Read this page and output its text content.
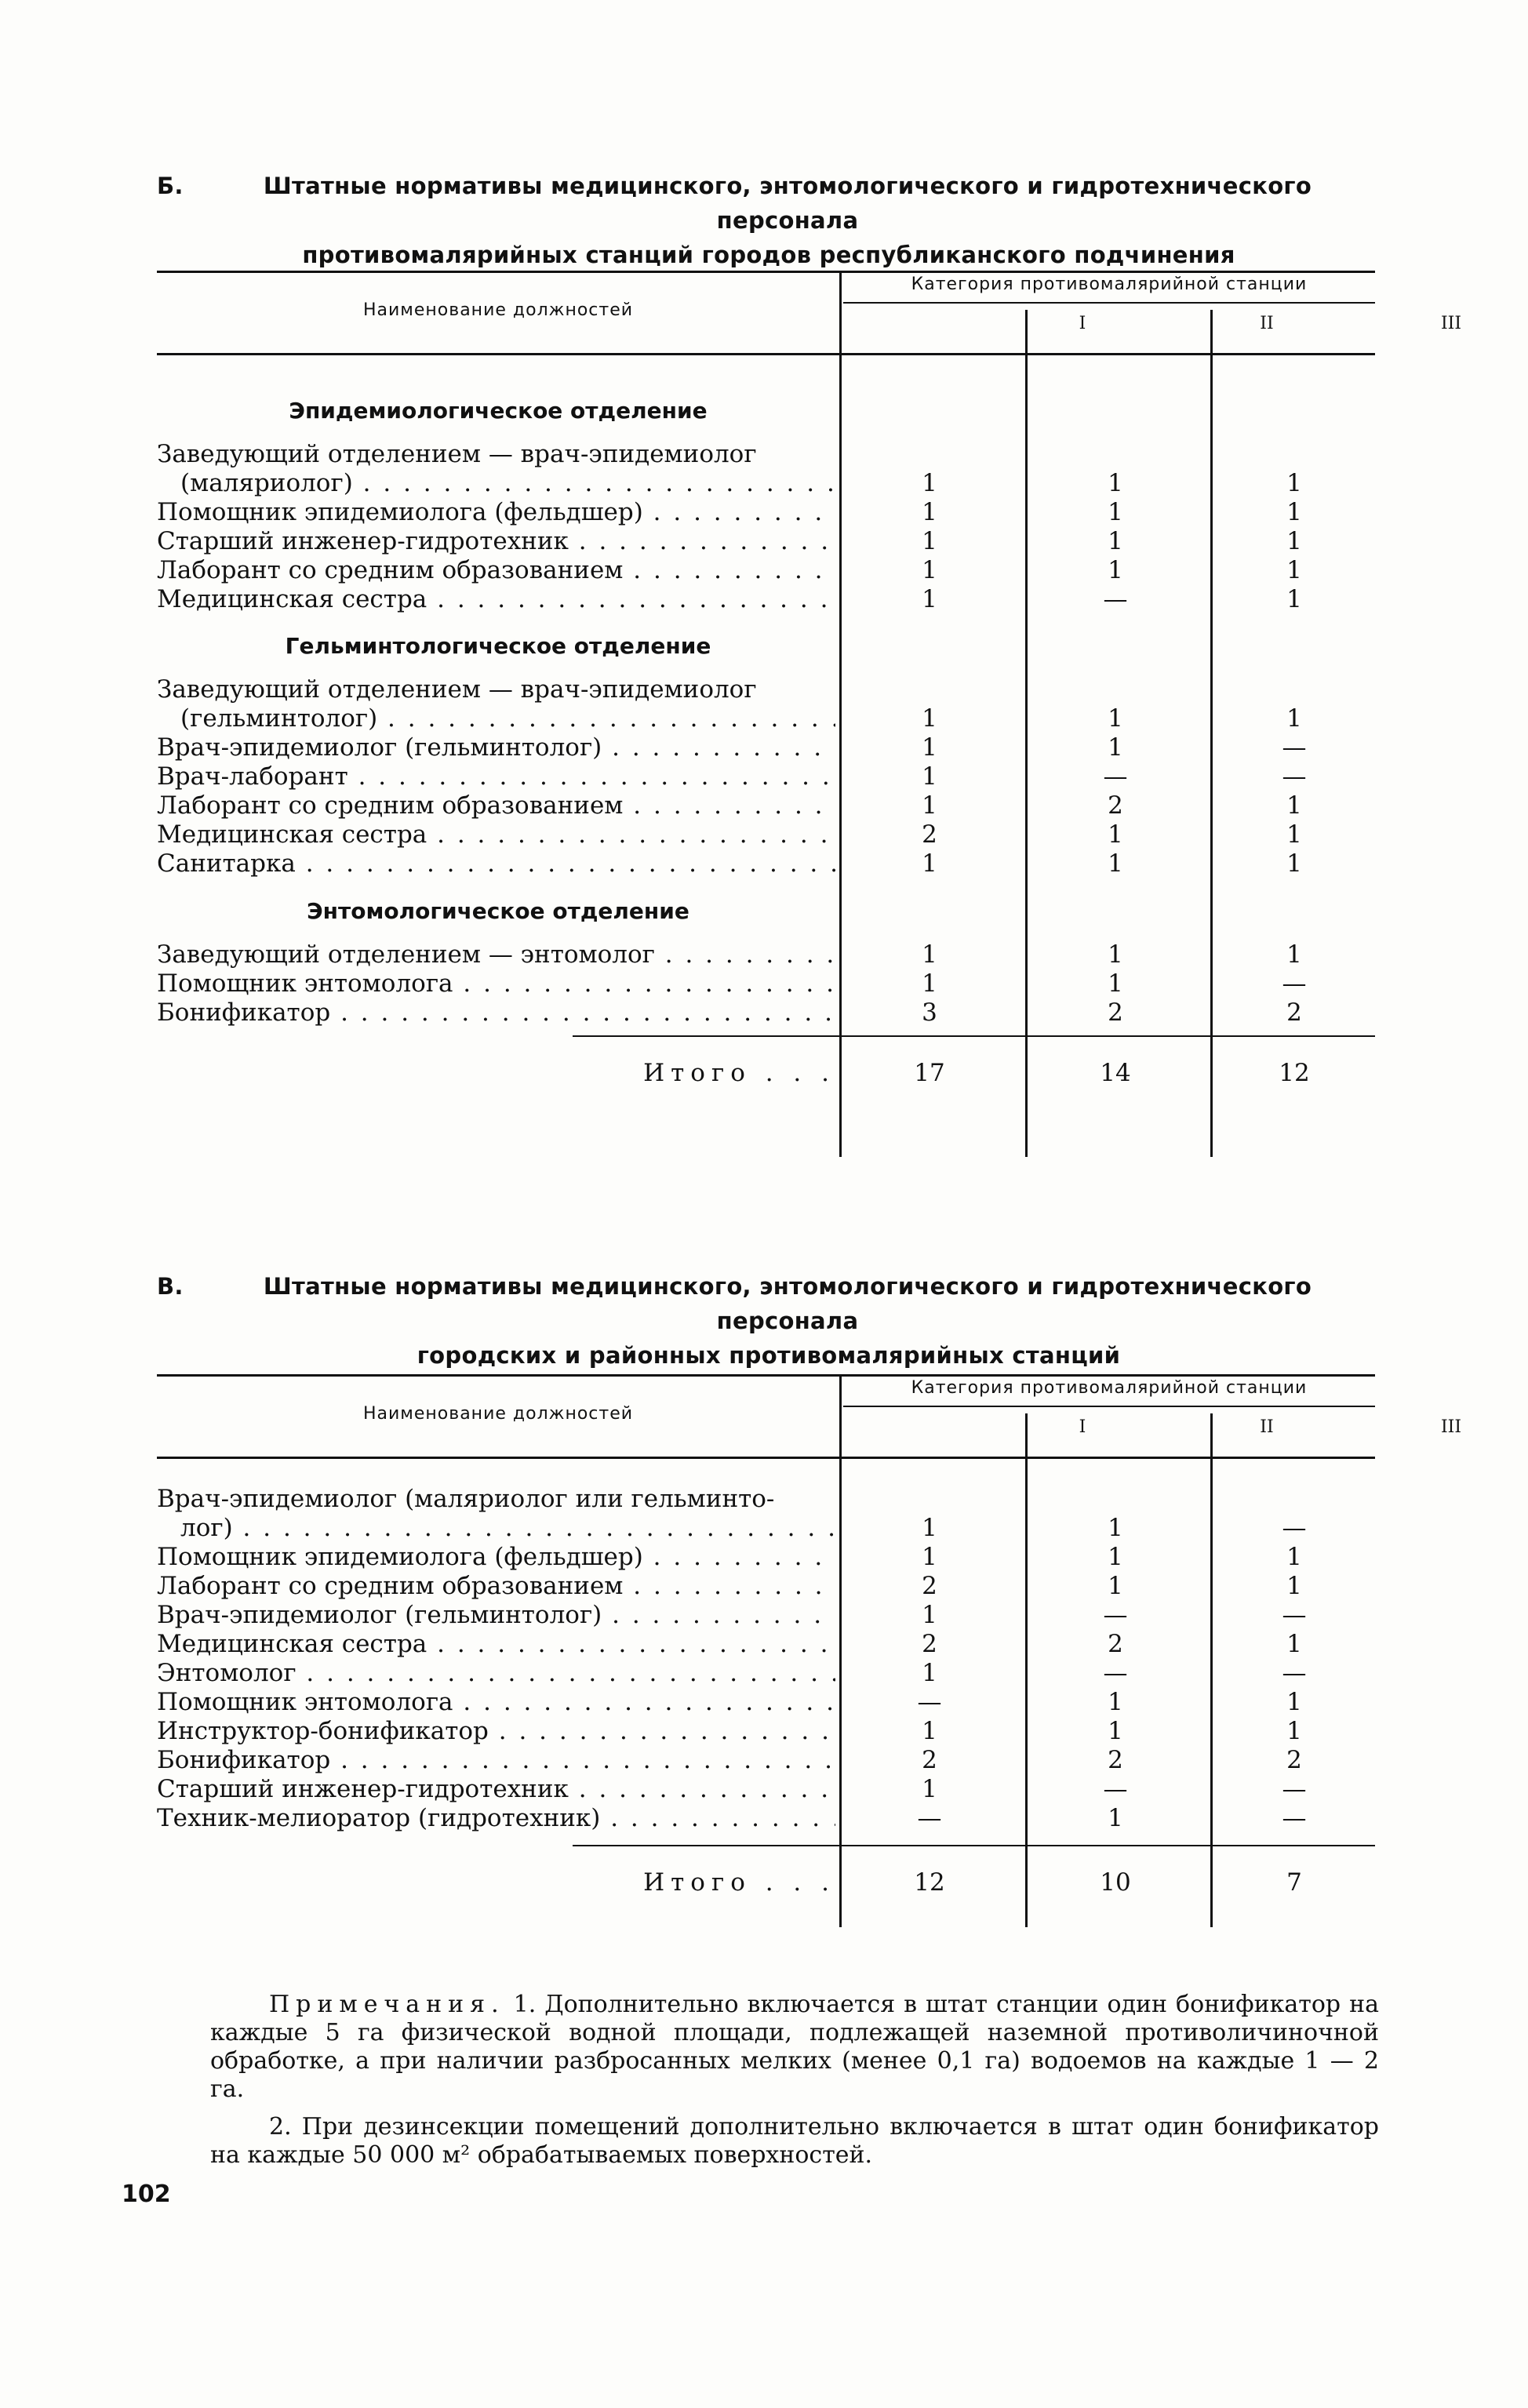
Б.	Штатные нормативы медицинского, энтомологического и гидротехнического персонала
противомалярийных станций городов республиканского подчинения
Наименование должностей
Категория противомалярийной станции
I	II	III
Эпидемиологическое отделение
Заведующий отделением — врач-эпидемиолог
(маляриолог) . . .	1	1	1
Помощник эпидемиолога (фельдшер) . . .	1	1	1
Старший инженер-гидротехник . . .	1	1	1
Лаборант со средним образованием . . .	1	1	1
Медицинская сестра . . .	1	—	1
Гельминтологическое отделение
Заведующий отделением — врач-эпидемиолог
(гельминтолог) . . .	1	1	1
Врач-эпидемиолог (гельминтолог) . . .	1	1	—
Врач-лаборант . . .	1	—	—
Лаборант со средним образованием . . .	1	2	1
Медицинская сестра . . .	2	1	1
Санитарка . . .	1	1	1
Энтомологическое отделение
Заведующий отделением — энтомолог . . .	1	1	1
Помощник энтомолога . . .	1	1	—
Бонификатор . . .	3	2	2
Итого . . .	17	14	12
В.	Штатные нормативы медицинского, энтомологического и гидротехнического персонала
городских и районных противомалярийных станций
Наименование должностей
Категория противомалярийной станции
I	II	III
Врач-эпидемиолог (маляриолог или гельминто-
лог) . . .	1	1	—
Помощник эпидемиолога (фельдшер) . . .	1	1	1
Лаборант со средним образованием . . .	2	1	1
Врач-эпидемиолог (гельминтолог) . . .	1	—	—
Медицинская сестра . . .	2	2	1
Энтомолог . . .	1	—	—
Помощник энтомолога . . .	—	1	1
Инструктор-бонификатор . . .	1	1	1
Бонификатор . . .	2	2	2
Старший инженер-гидротехник . . .	1	—	—
Техник-мелиоратор (гидротехник) . . .	—	1	—
Итого . . .	12	10	7

Примечания. 1. Дополнительно включается в штат станции один бонификатор на каждые 5 га физической водной площади, подлежащей наземной противоличиночной обработке, а при наличии разбросанных мелких (менее 0,1 га) водоемов на каждые 1 — 2 га.

2. При дезинсекции помещений дополнительно включается в штат один бонификатор на каждые 50 000 м² обрабатываемых поверхностей.

102
